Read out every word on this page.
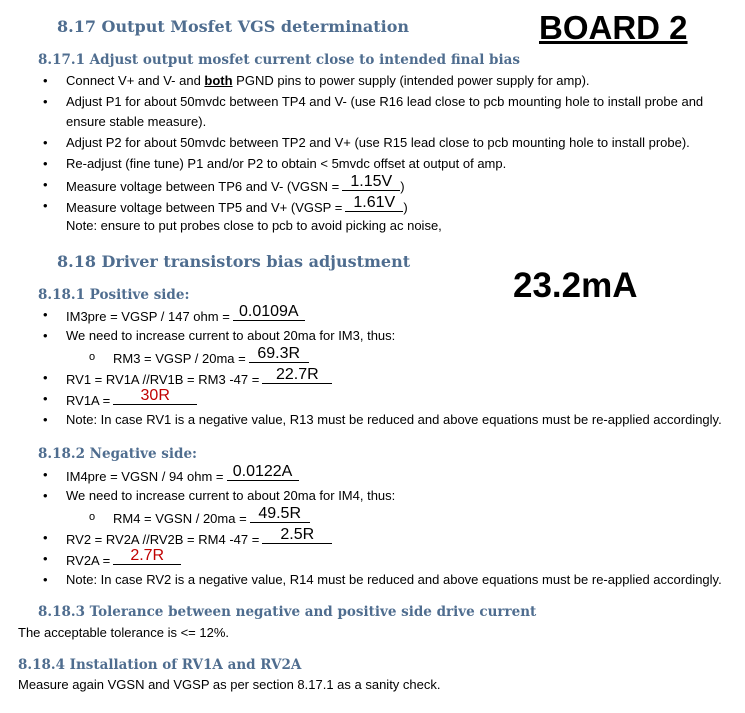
BOARD 2
23.2mA
8.17 Output Mosfet VGS determination
8.17.1 Adjust output mosfet current close to intended final bias
• Connect V+ and V- and both PGND pins to power supply (intended power supply for amp).
• Adjust P1 for about 50mvdc between TP4 and V- (use R16 lead close to pcb mounting hole to install probe and
ensure stable measure).
• Adjust P2 for about 50mvdc between TP2 and V+ (use R15 lead close to pcb mounting hole to install probe).
• Re-adjust (fine tune) P1 and/or P2 to obtain < 5mvdc offset at output of amp.
• Measure voltage between TP6 and V- (VGSN = 1.15V )
• Measure voltage between TP5 and V+ (VGSP = 1.61V )
Note: ensure to put probes close to pcb to avoid picking ac noise,
8.18 Driver transistors bias adjustment
8.18.1 Positive side:
• IM3pre = VGSP / 147 ohm = 0.0109A
• We need to increase current to about 20ma for IM3, thus:
o RM3 = VGSP / 20ma = 69.3R
• RV1 = RV1A //RV1B = RM3 -47 =	22.7R
• RV1A =	30R
• Note: In case RV1 is a negative value, R13 must be reduced and above equations must be re-applied accordingly.
8.18.2 Negative side:
• IM4pre = VGSN / 94 ohm = 0.0122A
• We need to increase current to about 20ma for IM4, thus:
o RM4 = VGSN / 20ma = 49.5R
• RV2 = RV2A //RV2B = RM4 -47 =	2.5R
• RV2A =	2.7R
• Note: In case RV2 is a negative value, R14 must be reduced and above equations must be re-applied accordingly.
8.18.3 Tolerance between negative and positive side drive current
The acceptable tolerance is <= 12%.
8.18.4 Installation of RV1A and RV2A
Measure again VGSN and VGSP as per section 8.17.1 as a sanity check.
